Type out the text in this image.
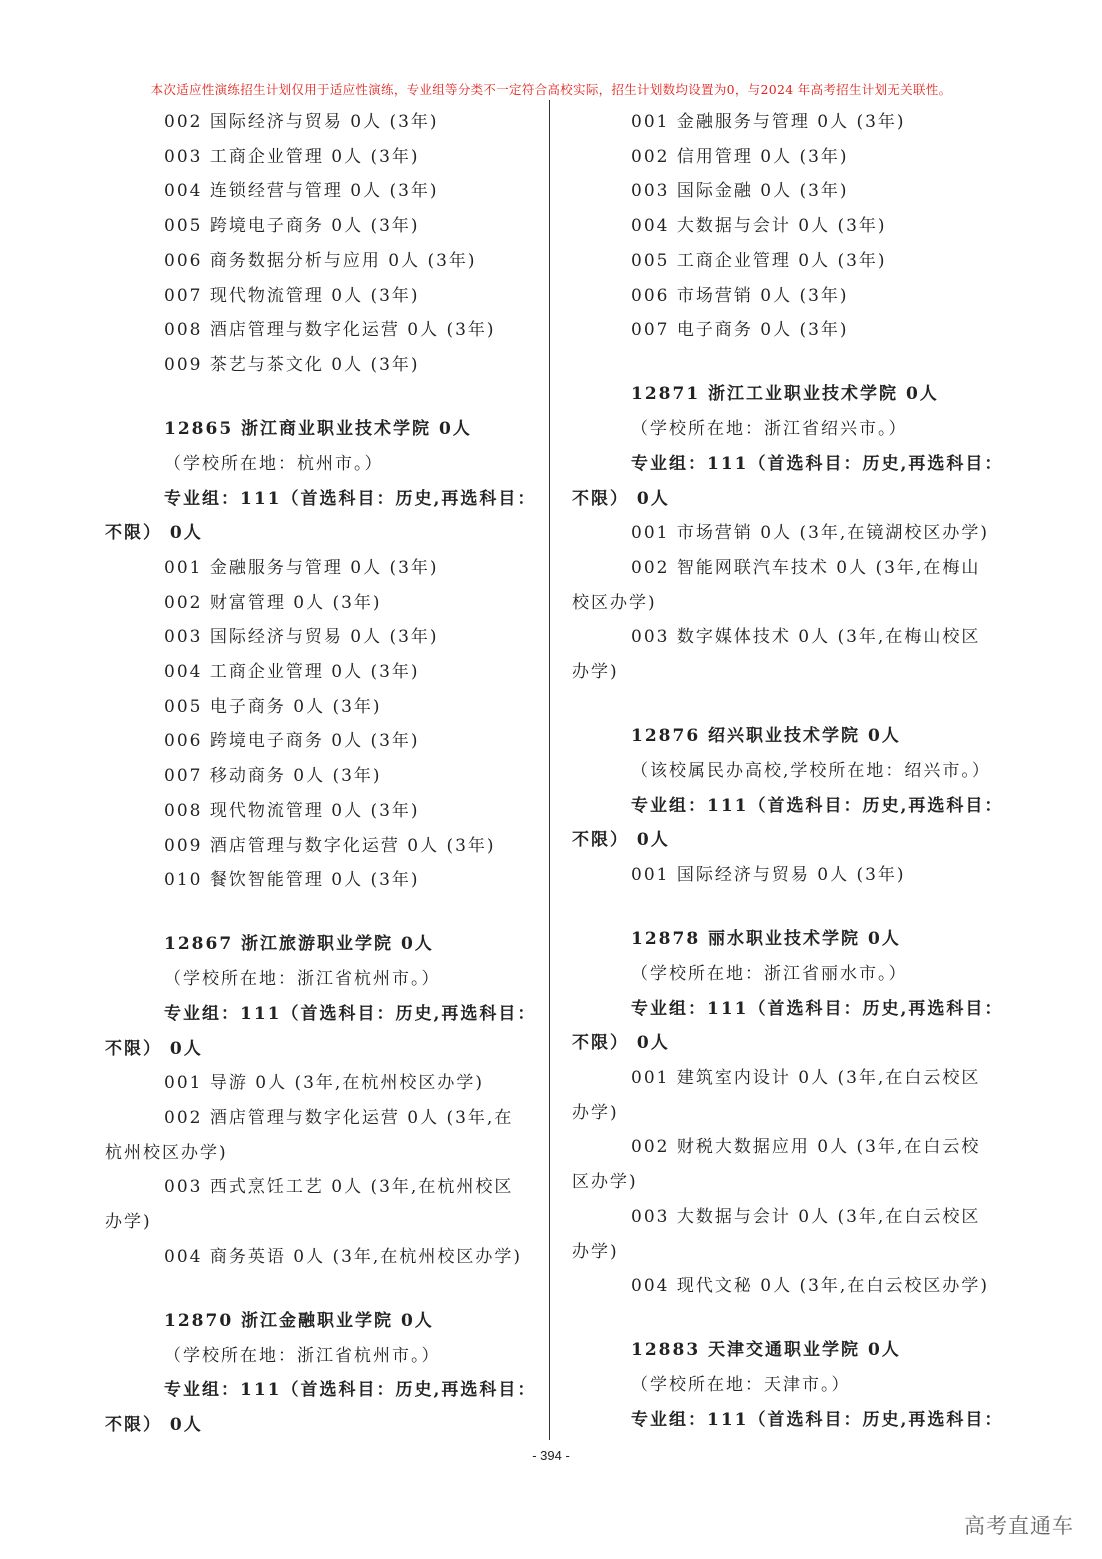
本次适应性演练招生计划仅用于适应性演练，专业组等分类不一定符合高校实际，招生计划数均设置为0，与2024 年高考招生计划无关联性。
002 国际经济与贸易 0人 (3年)
003 工商企业管理 0人 (3年)
004 连锁经营与管理 0人 (3年)
005 跨境电子商务 0人 (3年)
006 商务数据分析与应用 0人 (3年)
007 现代物流管理 0人 (3年)
008 酒店管理与数字化运营 0人 (3年)
009 茶艺与茶文化 0人 (3年)
12865 浙江商业职业技术学院 0人
（学校所在地：杭州市。）
专业组：111（首选科目：历史,再选科目：
不限） 0人
001 金融服务与管理 0人 (3年)
002 财富管理 0人 (3年)
003 国际经济与贸易 0人 (3年)
004 工商企业管理 0人 (3年)
005 电子商务 0人 (3年)
006 跨境电子商务 0人 (3年)
007 移动商务 0人 (3年)
008 现代物流管理 0人 (3年)
009 酒店管理与数字化运营 0人 (3年)
010 餐饮智能管理 0人 (3年)
12867 浙江旅游职业学院 0人
（学校所在地：浙江省杭州市。）
专业组：111（首选科目：历史,再选科目：
不限） 0人
001 导游 0人 (3年,在杭州校区办学)
002 酒店管理与数字化运营 0人 (3年,在
杭州校区办学)
003 西式烹饪工艺 0人 (3年,在杭州校区
办学)
004 商务英语 0人 (3年,在杭州校区办学)
12870 浙江金融职业学院 0人
（学校所在地：浙江省杭州市。）
专业组：111（首选科目：历史,再选科目：
不限） 0人
001 金融服务与管理 0人 (3年)
002 信用管理 0人 (3年)
003 国际金融 0人 (3年)
004 大数据与会计 0人 (3年)
005 工商企业管理 0人 (3年)
006 市场营销 0人 (3年)
007 电子商务 0人 (3年)
12871 浙江工业职业技术学院 0人
（学校所在地：浙江省绍兴市。）
专业组：111（首选科目：历史,再选科目：
不限） 0人
001 市场营销 0人 (3年,在镜湖校区办学)
002 智能网联汽车技术 0人 (3年,在梅山
校区办学)
003 数字媒体技术 0人 (3年,在梅山校区
办学)
12876 绍兴职业技术学院 0人
（该校属民办高校,学校所在地：绍兴市。）
专业组：111（首选科目：历史,再选科目：
不限） 0人
001 国际经济与贸易 0人 (3年)
12878 丽水职业技术学院 0人
（学校所在地：浙江省丽水市。）
专业组：111（首选科目：历史,再选科目：
不限） 0人
001 建筑室内设计 0人 (3年,在白云校区
办学)
002 财税大数据应用 0人 (3年,在白云校
区办学)
003 大数据与会计 0人 (3年,在白云校区
办学)
004 现代文秘 0人 (3年,在白云校区办学)
12883 天津交通职业学院 0人
（学校所在地：天津市。）
专业组：111（首选科目：历史,再选科目：
- 394 -
高考直通车
